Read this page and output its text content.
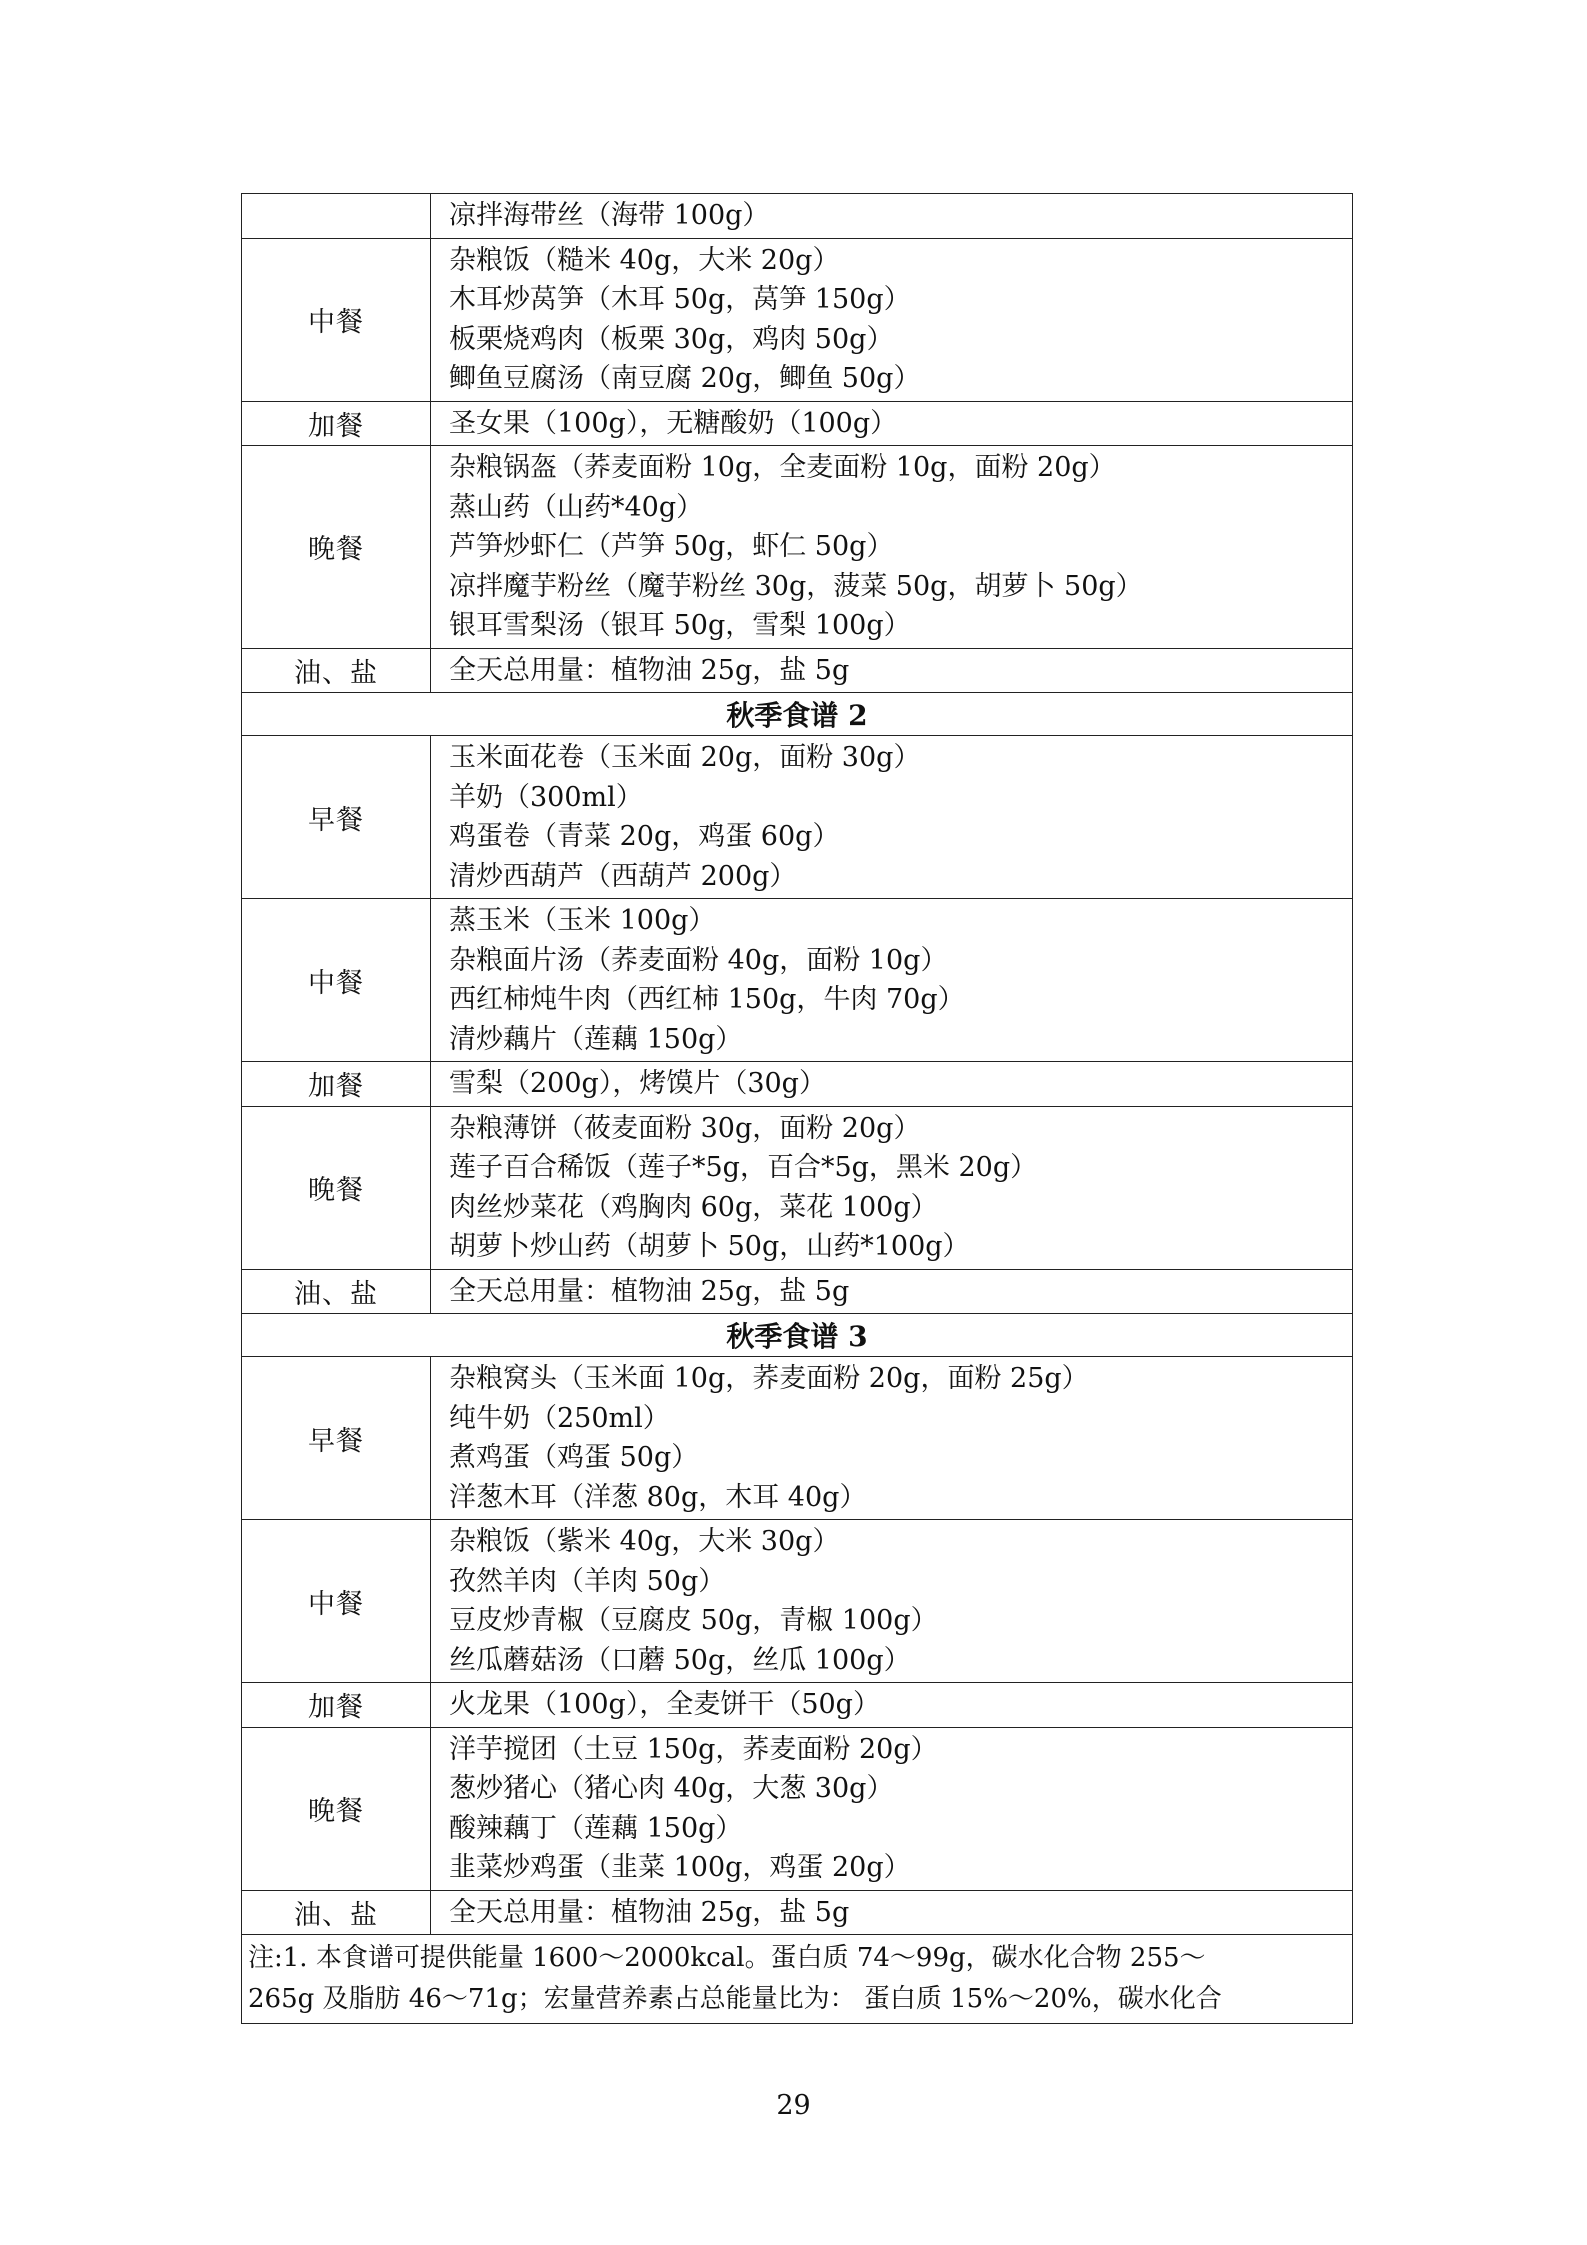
	凉拌海带丝（海带 100g）

中餐	杂粮饭（糙米 40g，大米 20g）
木耳炒莴笋（木耳 50g，莴笋 150g）
板栗烧鸡肉（板栗 30g，鸡肉 50g）
鲫鱼豆腐汤（南豆腐 20g，鲫鱼 50g）

加餐	圣女果（100g），无糖酸奶（100g）

晚餐	杂粮锅盔（荞麦面粉 10g，全麦面粉 10g，面粉 20g）
蒸山药（山药*40g）
芦笋炒虾仁（芦笋 50g，虾仁 50g）
凉拌魔芋粉丝（魔芋粉丝 30g，菠菜 50g，胡萝卜 50g）
银耳雪梨汤（银耳 50g，雪梨 100g）

油、盐	全天总用量：植物油 25g，盐 5g

秋季食谱 2	
早餐	玉米面花卷（玉米面 20g，面粉 30g）
羊奶（300ml）
鸡蛋卷（青菜 20g，鸡蛋 60g）
清炒西葫芦（西葫芦 200g）

中餐	蒸玉米（玉米 100g）
杂粮面片汤（荞麦面粉 40g，面粉 10g）
西红柿炖牛肉（西红柿 150g，牛肉 70g）
清炒藕片（莲藕 150g）

加餐	雪梨（200g），烤馍片（30g）

晚餐	杂粮薄饼（莜麦面粉 30g，面粉 20g）
莲子百合稀饭（莲子*5g，百合*5g，黑米 20g）
肉丝炒菜花（鸡胸肉 60g，菜花 100g）
胡萝卜炒山药（胡萝卜 50g，山药*100g）

油、盐	全天总用量：植物油 25g，盐 5g

秋季食谱 3	
早餐	杂粮窝头（玉米面 10g，荞麦面粉 20g，面粉 25g）
纯牛奶（250ml）
煮鸡蛋（鸡蛋 50g）
洋葱木耳（洋葱 80g，木耳 40g）

中餐	杂粮饭（紫米 40g，大米 30g）
孜然羊肉（羊肉 50g）
豆皮炒青椒（豆腐皮 50g，青椒 100g）
丝瓜蘑菇汤（口蘑 50g，丝瓜 100g）

加餐	火龙果（100g），全麦饼干（50g）

晚餐	洋芋搅团（土豆 150g，荞麦面粉 20g）
葱炒猪心（猪心肉 40g，大葱 30g）
酸辣藕丁（莲藕 150g）
韭菜炒鸡蛋（韭菜 100g，鸡蛋 20g）

油、盐	全天总用量：植物油 25g，盐 5g

注:1. 本食谱可提供能量 1600～2000kcal。蛋白质 74～99g，碳水化合物 255～
265g 及脂肪 46～71g；宏量营养素占总能量比为： 蛋白质 15%～20%，碳水化合	
29
